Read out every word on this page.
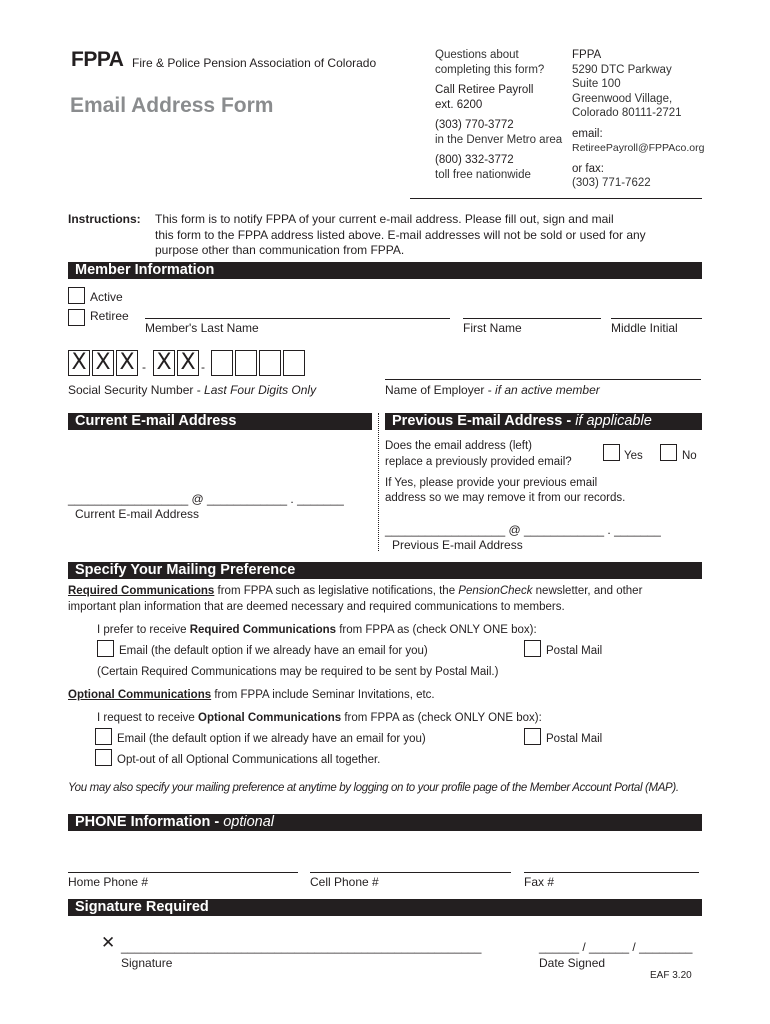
FPPA Fire & Police Pension Association of Colorado
Email Address Form
Questions about
completing this form?
Call Retiree Payroll
ext. 6200
(303) 770-3772
in the Denver Metro area
(800) 332-3772
toll free nationwide
FPPA
5290 DTC Parkway
Suite 100
Greenwood Village,
Colorado 80111-2721
email:
RetireePayroll@FPPAco.org
or fax:
(303) 771-7622
Instructions: This form is to notify FPPA of your current e-mail address. Please fill out, sign and mail
this form to the FPPA address listed above. E-mail addresses will not be sold or used for any
purpose other than communication from FPPA.
Member Information
Active
Retiree
Member's Last Name	First Name	Middle Initial
X X X - X X -
Social Security Number - Last Four Digits Only	Name of Employer - if an active member
Current E-mail Address
__________________ @ ____________ . _______
Current E-mail Address
Previous E-mail Address - if applicable
Does the email address (left)
replace a previously provided email?	Yes	No
If Yes, please provide your previous email
address so we may remove it from our records.
__________________ @ ____________ . _______
Previous E-mail Address
Specify Your Mailing Preference
Required Communications from FPPA such as legislative notifications, the PensionCheck newsletter, and other
important plan information that are deemed necessary and required communications to members.
I prefer to receive Required Communications from FPPA as (check ONLY ONE box):
Email (the default option if we already have an email for you)	Postal Mail
(Certain Required Communications may be required to be sent by Postal Mail.)
Optional Communications from FPPA include Seminar Invitations, etc.
I request to receive Optional Communications from FPPA as (check ONLY ONE box):
Email (the default option if we already have an email for you)	Postal Mail
Opt-out of all Optional Communications all together.
You may also specify your mailing preference at anytime by logging on to your profile page of the Member Account Portal (MAP).
PHONE Information - optional
Home Phone #	Cell Phone #	Fax #
Signature Required
✕ ______________________________________________________	______ / ______ / ________
Signature	Date Signed
EAF 3.20
